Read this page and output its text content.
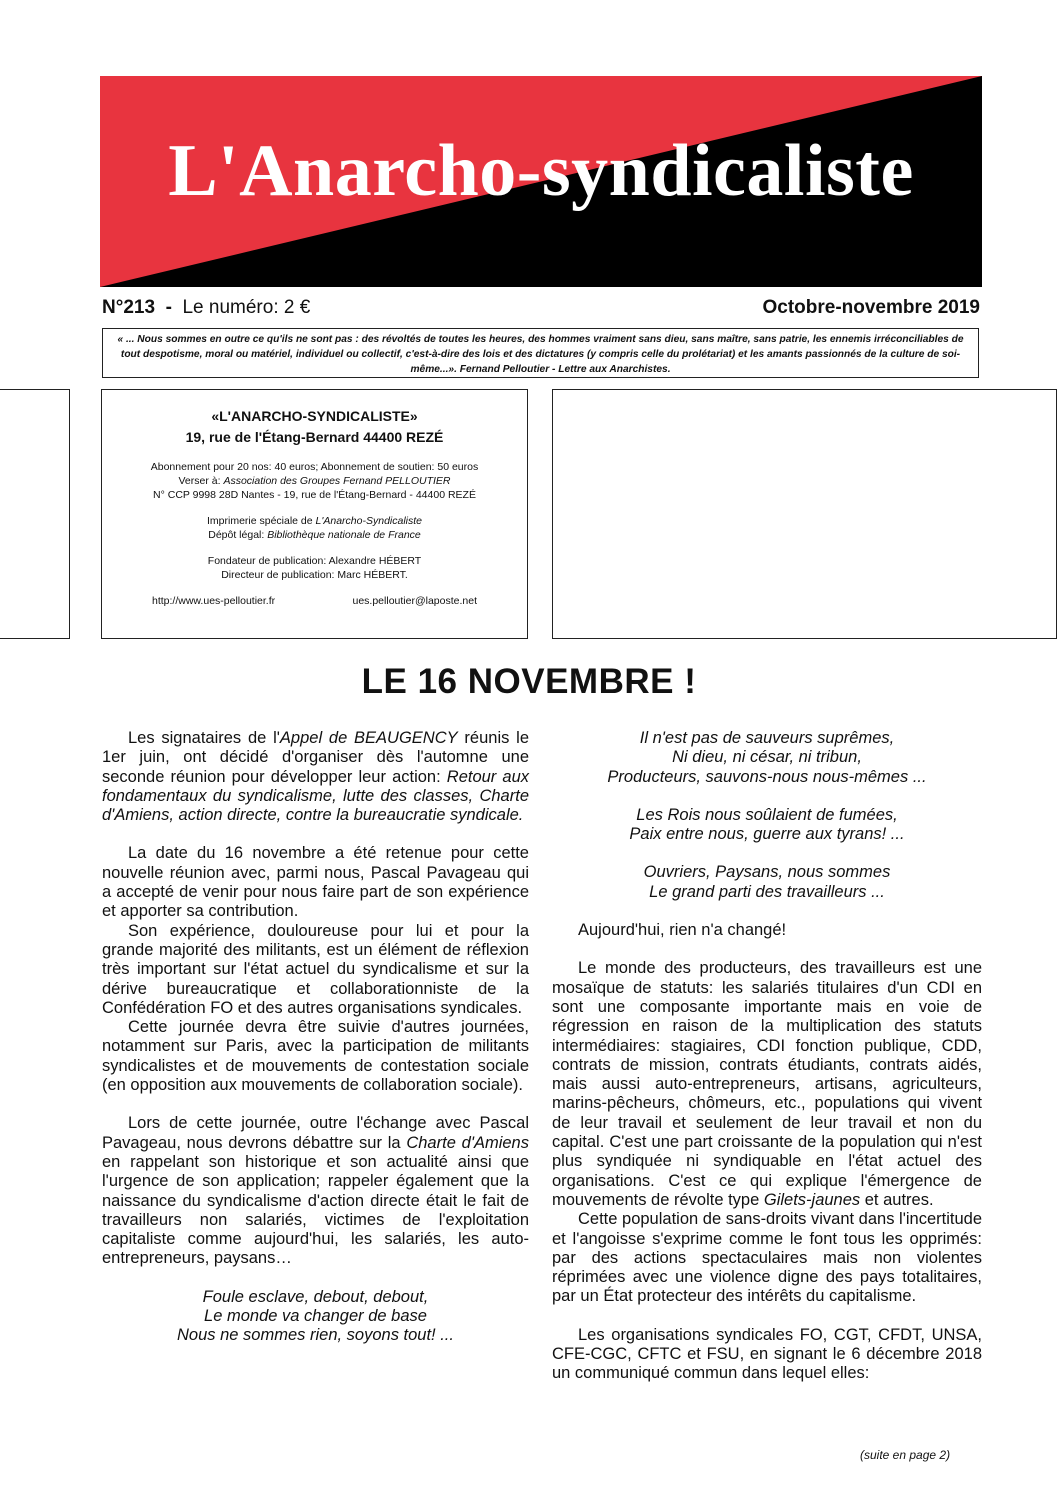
L'Anarcho-syndicaliste
N°213 - Le numéro: 2 €	Octobre-novembre 2019
« ... Nous sommes en outre ce qu'ils ne sont pas : des révoltés de toutes les heures, des hommes vraiment sans dieu, sans maître, sans patrie, les ennemis irréconciliables de tout despotisme, moral ou matériel, individuel ou collectif, c'est-à-dire des lois et des dictatures (y compris celle du prolétariat) et les amants passionnés de la culture de soi-même...». Fernand Pelloutier - Lettre aux Anarchistes.
«L'ANARCHO-SYNDICALISTE»
19, rue de l'Étang-Bernard 44400 REZÉ
Abonnement pour 20 nos: 40 euros; Abonnement de soutien: 50 euros
Verser à: Association des Groupes Fernand PELLOUTIER
N° CCP 9998 28D Nantes - 19, rue de l'Étang-Bernard - 44400 REZÉ
Imprimerie spéciale de L'Anarcho-Syndicaliste
Dépôt légal: Bibliothèque nationale de France
Fondateur de publication: Alexandre HÉBERT
Directeur de publication: Marc HÉBERT.
http://www.ues-pelloutier.fr	ues.pelloutier@laposte.net
LE 16 NOVEMBRE !

Les signataires de l'Appel de BEAUGENCY réunis le 1er juin, ont décidé d'organiser dès l'automne une seconde réunion pour développer leur action: Retour aux fondamentaux du syndicalisme, lutte des classes, Charte d'Amiens, action directe, contre la bureaucratie syndicale.

La date du 16 novembre a été retenue pour cette nouvelle réunion avec, parmi nous, Pascal Pavageau qui a accepté de venir pour nous faire part de son expérience et apporter sa contribution.

Son expérience, douloureuse pour lui et pour la grande majorité des militants, est un élément de réflexion très important sur l'état actuel du syndicalisme et sur la dérive bureaucratique et collaborationniste de la Confédération FO et des autres organisations syndicales.

Cette journée devra être suivie d'autres journées, notamment sur Paris, avec la participation de militants syndicalistes et de mouvements de contestation sociale (en opposition aux mouvements de collaboration sociale).

Lors de cette journée, outre l'échange avec Pascal Pavageau, nous devrons débattre sur la Charte d'Amiens en rappelant son historique et son actualité ainsi que l'urgence de son application; rappeler également que la naissance du syndicalisme d'action directe était le fait de travailleurs non salariés, victimes de l'exploitation capitaliste comme aujourd'hui, les salariés, les auto-entrepreneurs, paysans…

Foule esclave, debout, debout,
Le monde va changer de base
Nous ne sommes rien, soyons tout! ...
Il n'est pas de sauveurs suprêmes,
Ni dieu, ni césar, ni tribun,
Producteurs, sauvons-nous nous-mêmes ...
Les Rois nous soûlaient de fumées,
Paix entre nous, guerre aux tyrans! ...
Ouvriers, Paysans, nous sommes
Le grand parti des travailleurs ...

Aujourd'hui, rien n'a changé!

Le monde des producteurs, des travailleurs est une mosaïque de statuts: les salariés titulaires d'un CDI en sont une composante importante mais en voie de régression en raison de la multiplication des statuts intermédiaires: stagiaires, CDI fonction publique, CDD, contrats de mission, contrats étudiants, contrats aidés, mais aussi auto-entrepreneurs, artisans, agriculteurs, marins-pêcheurs, chômeurs, etc., populations qui vivent de leur travail et seulement de leur travail et non du capital. C'est une part croissante de la population qui n'est plus syndiquée ni syndiquable en l'état actuel des organisations. C'est ce qui explique l'émergence de mouvements de révolte type Gilets-jaunes et autres.

Cette population de sans-droits vivant dans l'incertitude et l'angoisse s'exprime comme le font tous les opprimés: par des actions spectaculaires mais non violentes réprimées avec une violence digne des pays totalitaires, par un État protecteur des intérêts du capitalisme.

Les organisations syndicales FO, CGT, CFDT, UNSA, CFE-CGC, CFTC et FSU, en signant le 6 décembre 2018 un communiqué commun dans lequel elles:

(suite en page 2)
